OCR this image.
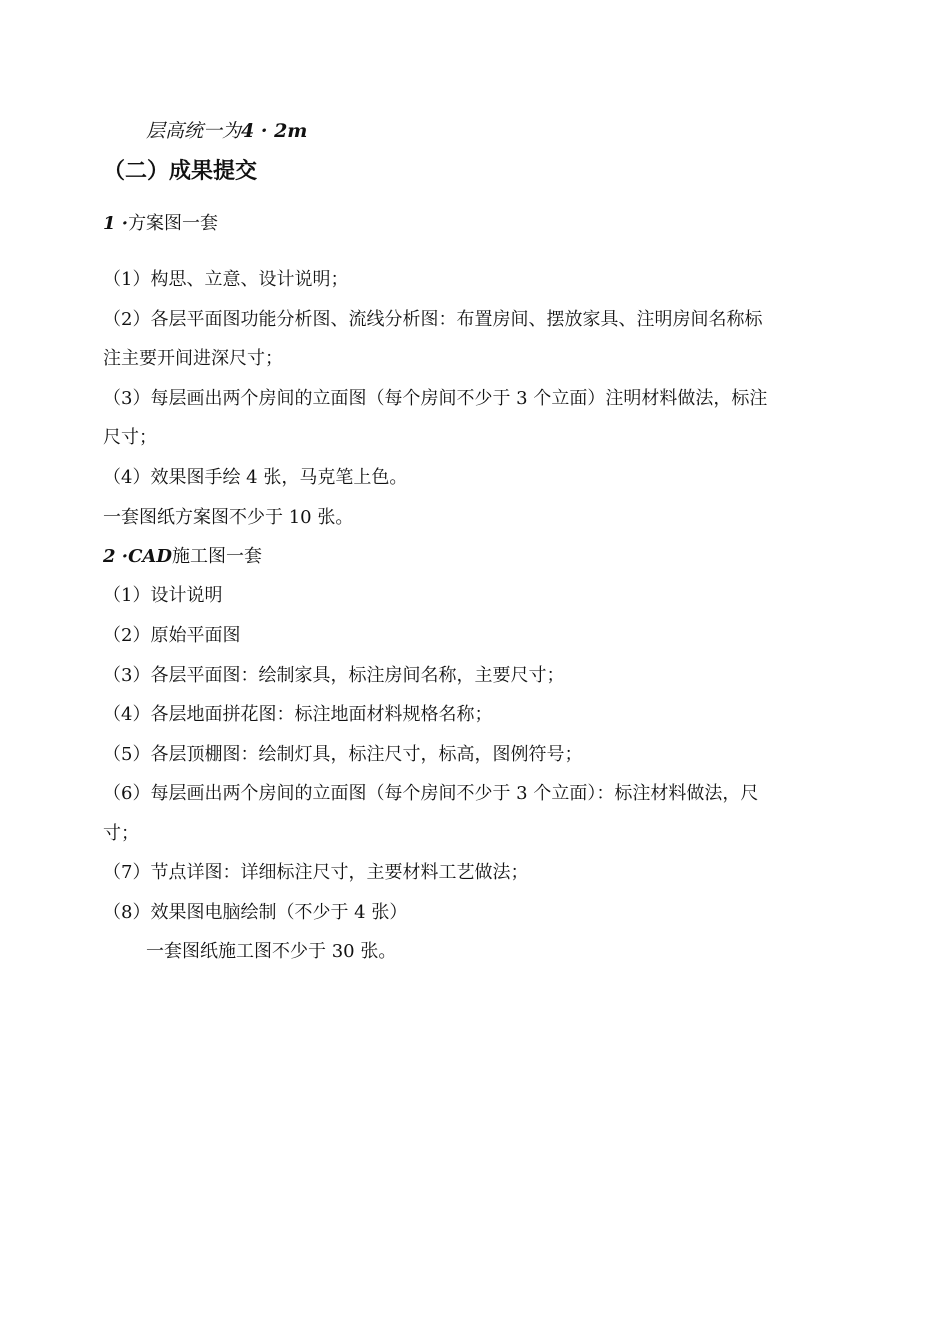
层高统一为4 · 2m
（二）成果提交
1 ·方案图一套
（1）构思、立意、设计说明；
（2）各层平面图功能分析图、流线分析图：布置房间、摆放家具、注明房间名称标
注主要开间进深尺寸；
（3）每层画出两个房间的立面图（每个房间不少于 3 个立面）注明材料做法，标注
尺寸；
（4）效果图手绘 4 张，马克笔上色。
一套图纸方案图不少于 10 张。
2 ·CAD施工图一套
（1）设计说明
（2）原始平面图
（3）各层平面图：绘制家具，标注房间名称，主要尺寸；
（4）各层地面拼花图：标注地面材料规格名称；
（5）各层顶棚图：绘制灯具，标注尺寸，标高，图例符号；
（6）每层画出两个房间的立面图（每个房间不少于 3 个立面）：标注材料做法，尺
寸；
（7）节点详图：详细标注尺寸，主要材料工艺做法；
（8）效果图电脑绘制（不少于 4 张）
一套图纸施工图不少于 30 张。
